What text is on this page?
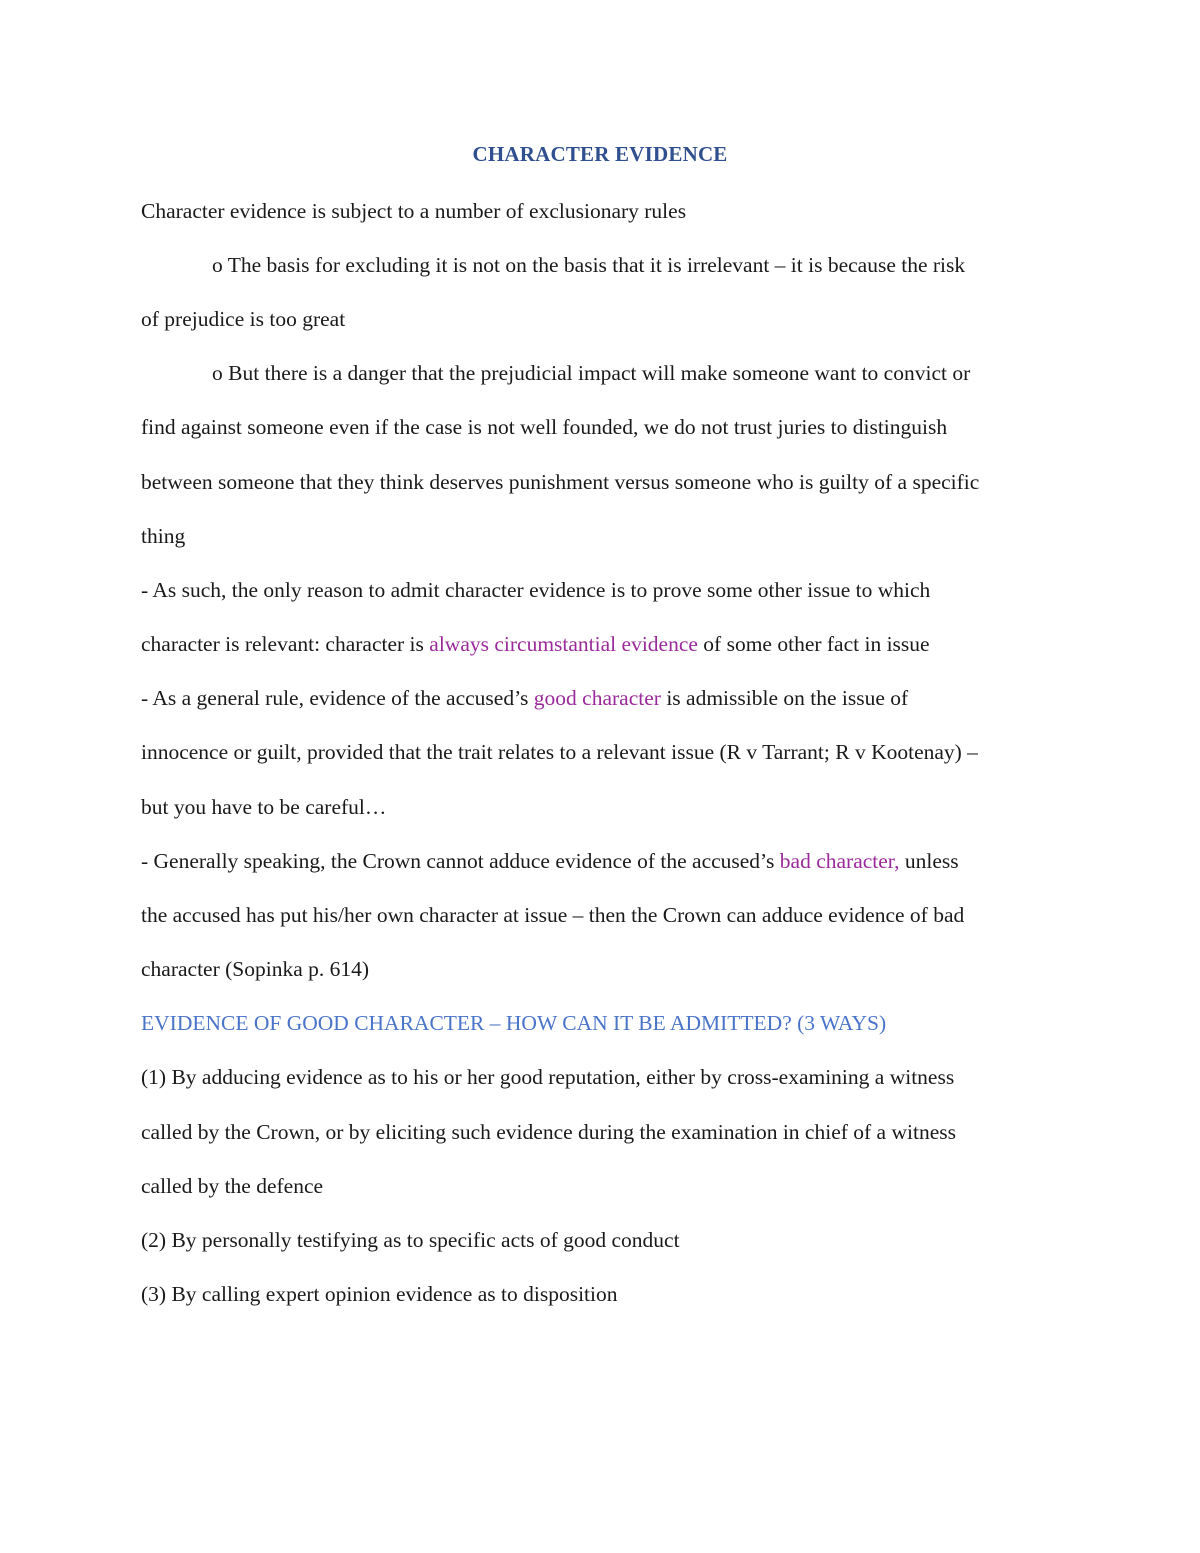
CHARACTER EVIDENCE
Character evidence is subject to a number of exclusionary rules
o The basis for excluding it is not on the basis that it is irrelevant – it is because the risk
of prejudice is too great
o But there is a danger that the prejudicial impact will make someone want to convict or
find against someone even if the case is not well founded, we do not trust juries to distinguish
between someone that they think deserves punishment versus someone who is guilty of a specific
thing
- As such, the only reason to admit character evidence is to prove some other issue to which
character is relevant: character is always circumstantial evidence of some other fact in issue
- As a general rule, evidence of the accused’s good character is admissible on the issue of
innocence or guilt, provided that the trait relates to a relevant issue (R v Tarrant; R v Kootenay) –
but you have to be careful…
- Generally speaking, the Crown cannot adduce evidence of the accused’s bad character, unless
the accused has put his/her own character at issue – then the Crown can adduce evidence of bad
character (Sopinka p. 614)
EVIDENCE OF GOOD CHARACTER – HOW CAN IT BE ADMITTED? (3 WAYS)
(1) By adducing evidence as to his or her good reputation, either by cross-examining a witness
called by the Crown, or by eliciting such evidence during the examination in chief of a witness
called by the defence
(2) By personally testifying as to specific acts of good conduct
(3) By calling expert opinion evidence as to disposition
